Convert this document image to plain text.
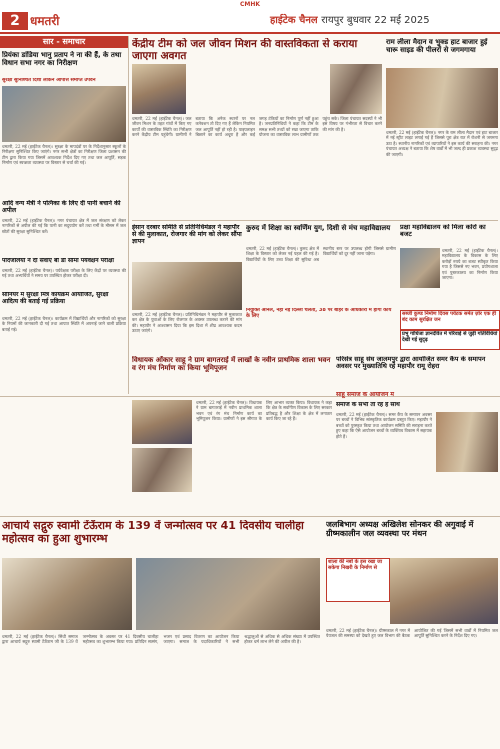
CMHK
2 धमतरी	हाईटेक चैनल रायपुर बुधवार 22 मई 2025
सार - समाचार
प्रियंका डांडिया भानु प्रताप ने ना की हैं, के तथा विधान सभा नगर का निरीक्षण
सुरक्षा सुनिश्चित दिशा लेकिन आपत्ति समाप्त उपवन
धमतरी, 22 मई (हाईटेक चैनल)। सुरक्षा के मापदंडों पर के निर्देशानुसार स्कूलों के निरीक्षण सुनिश्चित किए जाएंगे। नगर सभी क्षेत्रों का निरीक्षण जिला प्रशासन की टीम द्वारा किया गया जिसमें आवश्यक निर्देश दिए गए तथा जल आपूर्ति, सड़क निर्माण एवं स्वच्छता व्यवस्था पर विस्तार से चर्चा की गई।
आदि वन्य मेंत्री ने पत्निका के लिए दी पानी बचाने की अपील
धमतरी, 22 मई (हाईटेक चैनल)। नगर पंचायत क्षेत्र में जल संरक्षण को लेकर नागरिकों से अपील की गई कि पानी का सदुपयोग करें तथा गर्मी के मौसम में जल स्रोतों की सुरक्षा सुनिश्चित करें।
पदिंजलियों ने दी सेवाएं बी डी सीमा पर्यवेक्षन परीक्षा
धमतरी, 22 मई (हाईटेक चैनल)। पर्यवेक्षक परीक्षा के लिए केंद्रों पर व्यवस्था की गई तथा अभ्यर्थियों ने समय पर उपस्थित होकर परीक्षा दी।
सीनियर में सुरक्षा मित्र कार्यक्रम आयोजित, सुरक्षा आदित्य की बताई गई प्रक्रिया
धमतरी, 22 मई (हाईटेक चैनल)। कार्यक्रम में विद्यार्थियों और नागरिकों को सुरक्षा के नियमों की जानकारी दी गई तथा आपात स्थिति में अपनाई जाने वाली प्रक्रिया बताई गई।
केंद्रीय टीम को जल जीवन मिशन की वास्तविकता से कराया जाएगा अवगत
धमतरी, 22 मई (हाईटेक चैनल)। जल जीवन मिशन के तहत गांवों में किए गए कार्यों की वास्तविक स्थिति का निरीक्षण करने केंद्रीय टीम पहुंचेगी। ग्रामीणों ने बताया कि अनेक स्थानों पर नल कनेक्शन तो दिए गए हैं लेकिन नियमित जल आपूर्ति नहीं हो रही है। पाइपलाइन बिछाने का कार्य अधूरा है और कई जगह टंकियों का निर्माण पूर्ण नहीं हुआ है। जनप्रतिनिधियों ने कहा कि टीम के समक्ष सभी तथ्यों को रखा जाएगा ताकि योजना का वास्तविक लाभ ग्रामीणों तक पहुंच सके। जिला पंचायत सदस्यों ने भी इस विषय पर गंभीरता से विचार करने की मांग की है।
राम लीला मैदान व भुक्ड हाट बाजार हुई चारू साइड की पीलरों से जगमगाया
धमतरी, 22 मई (हाईटेक चैनल)। नगर के राम लीला मैदान एवं हाट बाजार में नई स्ट्रीट लाइट लगाई गई हैं जिससे पूरा क्षेत्र रात में रोशनी से जगमगा उठा है। स्थानीय नागरिकों एवं व्यापारियों ने इस कार्य की सराहना की। नगर पंचायत अध्यक्ष ने बताया कि शेष वार्डों में भी जल्द ही प्रकाश व्यवस्था सुदृढ़ की जाएगी।
इंसान दरबार समिति से प्रतिनिधिमंडल ने महापौर से की मुलाकात, रोजगार की मांग को लेकर सौंपा ज्ञापन
धमतरी, 22 मई (हाईटेक चैनल)। प्रतिनिधिमंडल ने महापौर से मुलाकात कर क्षेत्र के युवाओं के लिए रोजगार के अवसर उपलब्ध कराने की मांग की। महापौर ने आश्वासन दिया कि इस दिशा में शीघ्र आवश्यक कदम उठाए जाएंगे।
कुरुद में शिक्षा का स्वर्णिम युग, दिशी से मंच महाविद्यालय
धमतरी, 22 मई (हाईटेक चैनल)। कुरुद क्षेत्र में शिक्षा के विस्तार को लेकर नई पहल की गई है। विद्यार्थियों के लिए उच्च शिक्षा की सुविधा अब स्थानीय स्तर पर उपलब्ध होगी जिससे ग्रामीण विद्यार्थियों को दूर नहीं जाना पड़ेगा।
नियुक्ति अनिल, नहीं नई दिल्ली चलती, 38 पर बाहर के अधिकारों में होगा कार्य के लिए
प्रक्षा महाविद्यालय को मिला कोरों का बजट
धमतरी, 22 मई (हाईटेक चैनल)। महाविद्यालय के विकास के लिए करोड़ों रुपये का बजट स्वीकृत किया गया है जिससे नए भवन, प्रयोगशाला एवं पुस्तकालय का निर्माण किया जाएगा।
सब्जी कुण्ड निर्माण दिवस पर्यटक समेत ज़ोर एक ही बंद काम सुरक्षित जन
प्रभु गांधिजा ज्ञानदेवित में परिवाई से जुड़ी गतिविधियां देखी गई सुदृढ़
विधायक ओंकार साहू ने ग्राम बागतराई में लाखों के नवीन प्राथमिक शाला भवन व रंग मंच निर्माण का किया भूमिपूजन
धमतरी, 22 मई (हाईटेक चैनल)। विधायक ने ग्राम बागतराई में नवीन प्राथमिक शाला भवन एवं रंग मंच निर्माण कार्य का भूमिपूजन किया। ग्रामीणों ने इस सौगात के लिए आभार व्यक्त किया। विधायक ने कहा कि क्षेत्र के सर्वांगीण विकास के लिए सरकार प्रतिबद्ध है और शिक्षा के क्षेत्र में लगातार कार्य किए जा रहे हैं।
परिसेत्र साहू संघ जालमपुर द्वारा आयोजित समर कैंप के समापन अवसर पर मुख्यातिथि रहे महापौर रामू रोहरा
साहू समाज के आयोजन में
समाज के सभी तो रहे हैं साथ
धमतरी, 22 मई (हाईटेक चैनल)। समर कैंप के समापन अवसर पर बच्चों ने विभिन्न सांस्कृतिक कार्यक्रम प्रस्तुत किए। महापौर ने बच्चों को पुरस्कृत किया तथा आयोजन समिति की सराहना करते हुए कहा कि ऐसे आयोजन बच्चों के व्यक्तित्व विकास में सहायक होते हैं।
आचार्य सद्गुरु स्वामी टेंऊँराम के 139 वें जन्मोत्सव पर 41 दिवसीय चालीहा महोत्सव का हुआ शुभारम्भ
धमतरी, 22 मई (हाईटेक चैनल)। सिंधी समाज द्वारा आचार्य सद्गुरु स्वामी टेंऊँराम जी के 139 वें जन्मोत्सव के अवसर पर 41 दिवसीय चालीहा महोत्सव का शुभारम्भ किया गया। प्रतिदिन सत्संग, भजन एवं प्रसाद वितरण का आयोजन किया जाएगा। समाज के पदाधिकारियों ने सभी श्रद्धालुओं से अधिक से अधिक संख्या में उपस्थित होकर धर्म लाभ लेने की अपील की है।
जलबिभाग अध्यक्ष अखिलेश सोनकर की अगुवाई में ग्रीष्मकालीन जल व्यवस्था पर मंथन
शाला की नबों के इस रखा जा सकेगा निखरी के निर्माण से
धमतरी, 22 मई (हाईटेक चैनल)। ग्रीष्मकाल में नगर में पेयजल की समस्या को देखते हुए जल विभाग की बैठक आयोजित की गई जिसमें सभी वार्डों में नियमित जल आपूर्ति सुनिश्चित करने के निर्देश दिए गए।
